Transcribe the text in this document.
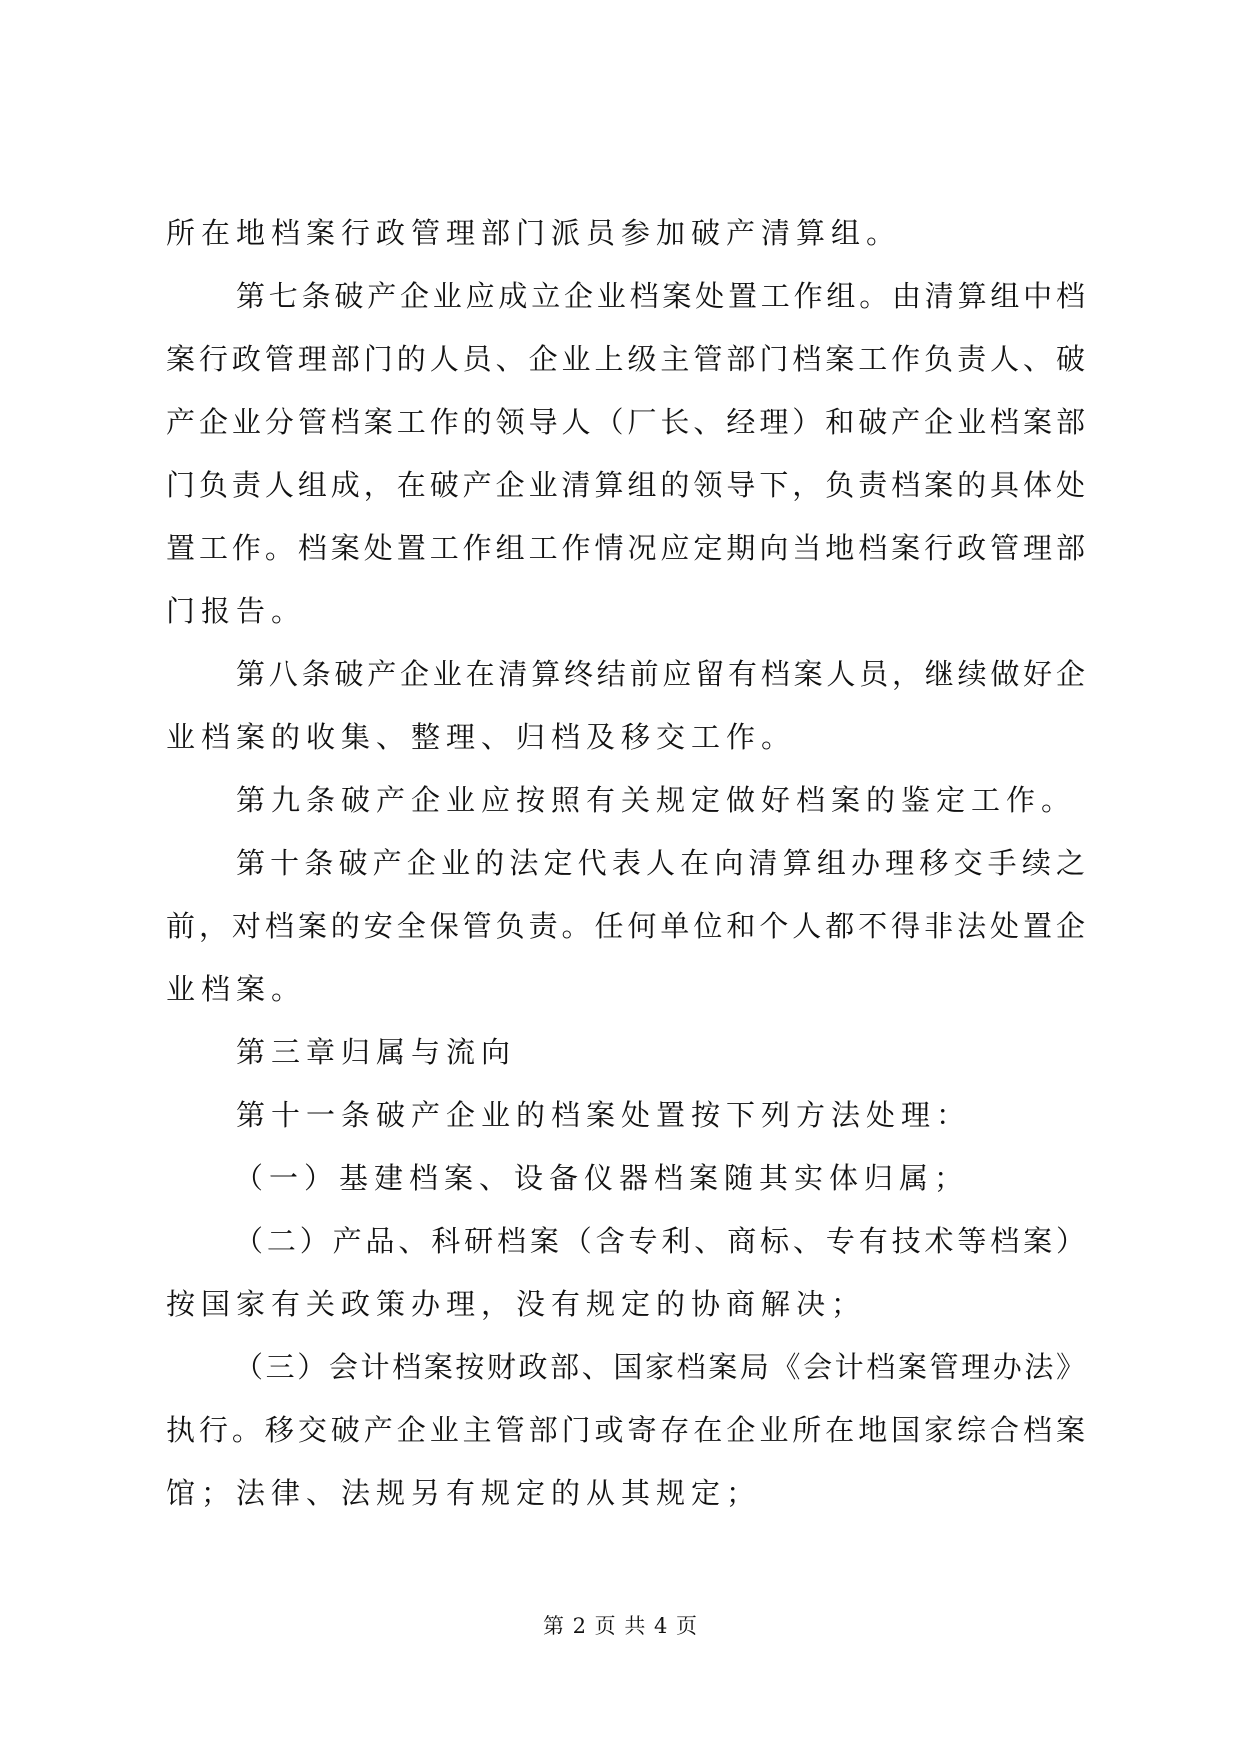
所在地档案行政管理部门派员参加破产清算组。
第七条破产企业应成立企业档案处置工作组。由清算组中档
案行政管理部门的人员、企业上级主管部门档案工作负责人、破
产企业分管档案工作的领导人（厂长、经理）和破产企业档案部
门负责人组成，在破产企业清算组的领导下，负责档案的具体处
置工作。档案处置工作组工作情况应定期向当地档案行政管理部
门报告。
第八条破产企业在清算终结前应留有档案人员，继续做好企
业档案的收集、整理、归档及移交工作。
第九条破产企业应按照有关规定做好档案的鉴定工作。
第十条破产企业的法定代表人在向清算组办理移交手续之
前，对档案的安全保管负责。任何单位和个人都不得非法处置企
业档案。
第三章归属与流向
第十一条破产企业的档案处置按下列方法处理：
（一）基建档案、设备仪器档案随其实体归属；
（二）产品、科研档案（含专利、商标、专有技术等档案）
按国家有关政策办理，没有规定的协商解决；
（三）会计档案按财政部、国家档案局《会计档案管理办法》
执行。移交破产企业主管部门或寄存在企业所在地国家综合档案
馆；法律、法规另有规定的从其规定；
第 2 页 共 4 页
